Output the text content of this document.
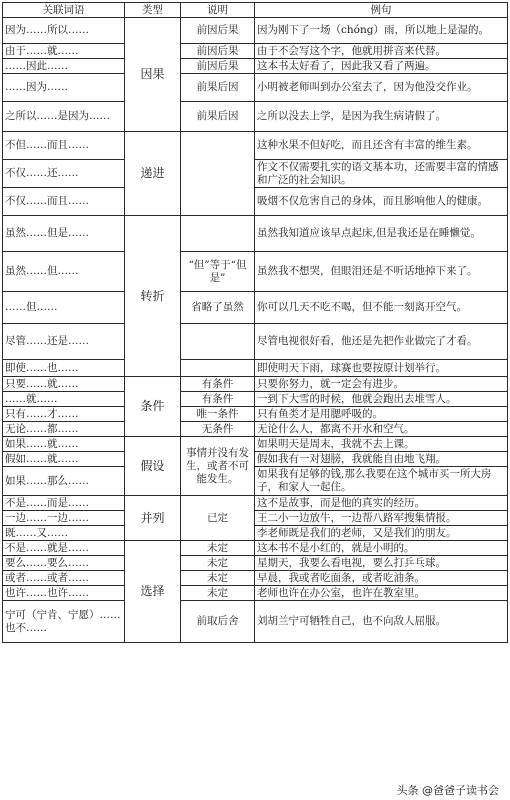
关联词语	类型	说明	例句
因为……所以……	因果	前因后果	因为刚下了一场（chóng）雨，所以地上是湿的。
由于……就……		前因后果	由于不会写这个字，他就用拼音来代替。
……因此……		前因后果	这本书太好看了，因此我又看了两遍。
……因为……		前果后因	小明被老师叫到办公室去了，因为他没交作业。
之所以……是因为……		前果后因	之所以没去上学，是因为我生病请假了。
不但……而且……	递进		这种水果不但好吃，而且还含有丰富的维生素。
不仅……还……			作文不仅需要扎实的语文基本功，还需要丰富的情感和广泛的社会知识。
不仅……而且……			吸烟不仅危害自己的身体，而且影响他人的健康。
虽然……但是……	转折		虽然我知道应该早点起床,但是我还是在睡懒觉。
虽然……但……		“但”等于“但是”	虽然我不想哭，但眼泪还是不听话地掉下来了。
……但……		省略了虽然	你可以几天不吃不喝，但不能一刻离开空气。
尽管……还是……			尽管电视很好看，他还是先把作业做完了才看。
即使……也……			即使明天下雨，球赛也要按原计划举行。
只要……就……	条件	有条件	只要你努力，就一定会有进步。
……就……		有条件	一到下大雪的时候，他就会跑出去堆雪人。
只有……才……		唯一条件	只有鱼类才是用腮呼吸的。
无论……都……		无条件	无论什么人，都离不开水和空气。
如果……就……	假设	事情并没有发生，或者不可能发生。	如果明天是周末，我就不去上课。
假如……就……			假如我有一对翅膀，我就能自由地飞翔。
如果……那么……			如果我有足够的钱,那么我要在这个城市买一所大房子，和家人一起住。
不是……而是……	并列	已定	这不是故事，而是他的真实的经历。
一边……一边……			王二小一边放牛，一边帮八路军搜集情报。
既……又……			李老师既是我们的老师，又是我们的朋友。
不是……就是……	选择	未定	这本书不是小红的，就是小明的。
要么……要么……		未定	星期天，我要么看电视，要么打乒乓球。
或者……或者……		未定	早晨，我或者吃面条，或者吃油条。
也许……也许……		未定	老师也许在办公室，也许在教室里。
宁可（宁肯、宁愿）……也不……		前取后舍	刘胡兰宁可牺牲自己，也不向敌人屈服。
头条 @爸爸子读书会
